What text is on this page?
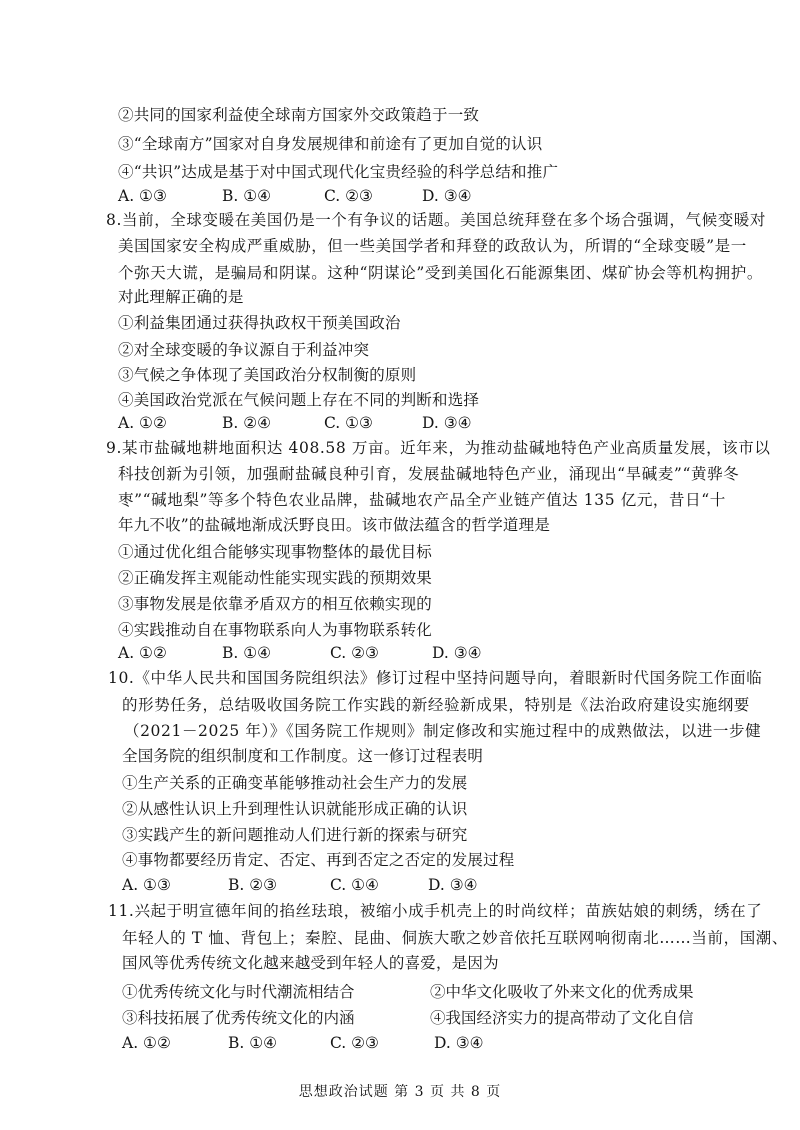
②共同的国家利益使全球南方国家外交政策趋于一致
③“全球南方”国家对自身发展规律和前途有了更加自觉的认识
④“共识”达成是基于对中国式现代化宝贵经验的科学总结和推广
A. ①③	B. ①④	C. ②③	D. ③④
8.当前，全球变暖在美国仍是一个有争议的话题。美国总统拜登在多个场合强调，气候变暖对
美国国家安全构成严重威胁，但一些美国学者和拜登的政敌认为，所谓的“全球变暖”是一
个弥天大谎，是骗局和阴谋。这种“阴谋论”受到美国化石能源集团、煤矿协会等机构拥护。
对此理解正确的是
①利益集团通过获得执政权干预美国政治
②对全球变暖的争议源自于利益冲突
③气候之争体现了美国政治分权制衡的原则
④美国政治党派在气候问题上存在不同的判断和选择
A. ①②	B. ②④	C. ①③	D. ③④
9.某市盐碱地耕地面积达 408.58 万亩。近年来，为推动盐碱地特色产业高质量发展，该市以
科技创新为引领，加强耐盐碱良种引育，发展盐碱地特色产业，涌现出“旱碱麦”“黄骅冬
枣”“碱地梨”等多个特色农业品牌，盐碱地农产品全产业链产值达 135 亿元，昔日“十
年九不收”的盐碱地渐成沃野良田。该市做法蕴含的哲学道理是
①通过优化组合能够实现事物整体的最优目标
②正确发挥主观能动性能实现实践的预期效果
③事物发展是依靠矛盾双方的相互依赖实现的
④实践推动自在事物联系向人为事物联系转化
A. ①②	B. ①④	C. ②③	D. ③④
10.《中华人民共和国国务院组织法》修订过程中坚持问题导向，着眼新时代国务院工作面临
的形势任务，总结吸收国务院工作实践的新经验新成果，特别是《法治政府建设实施纲要
（2021－2025 年）》《国务院工作规则》制定修改和实施过程中的成熟做法，以进一步健
全国务院的组织制度和工作制度。这一修订过程表明
①生产关系的正确变革能够推动社会生产力的发展
②从感性认识上升到理性认识就能形成正确的认识
③实践产生的新问题推动人们进行新的探索与研究
④事物都要经历肯定、否定、再到否定之否定的发展过程
A. ①③	B. ②③	C. ①④	D. ③④
11.兴起于明宣德年间的掐丝珐琅，被缩小成手机壳上的时尚纹样；苗族姑娘的刺绣，绣在了
年轻人的 T 恤、背包上；秦腔、昆曲、侗族大歌之妙音依托互联网响彻南北……当前，国潮、
国风等优秀传统文化越来越受到年轻人的喜爱，是因为
①优秀传统文化与时代潮流相结合	②中华文化吸收了外来文化的优秀成果
③科技拓展了优秀传统文化的内涵	④我国经济实力的提高带动了文化自信
A. ①②	B. ①④	C. ②③	D. ③④
思想政治试题 第 3 页 共 8 页
